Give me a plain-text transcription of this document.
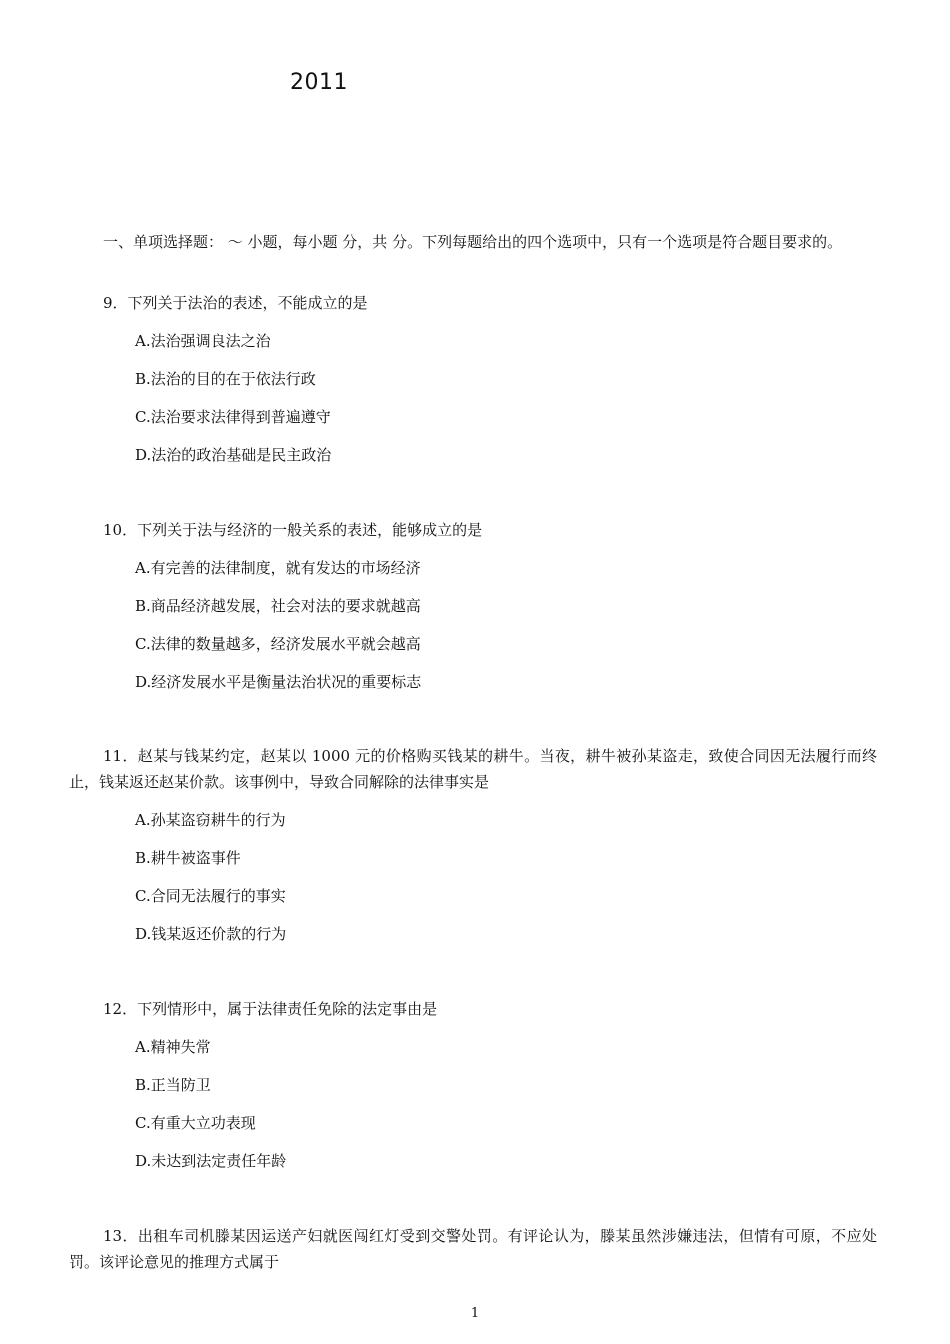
2011
一、单项选择题： ～ 小题，每小题 分，共 分。下列每题给出的四个选项中，只有一个选项是符合题目要求的。
9．下列关于法治的表述，不能成立的是
A.法治强调良法之治
B.法治的目的在于依法行政
C.法治要求法律得到普遍遵守
D.法治的政治基础是民主政治
10．下列关于法与经济的一般关系的表述，能够成立的是
A.有完善的法律制度，就有发达的市场经济
B.商品经济越发展，社会对法的要求就越高
C.法律的数量越多，经济发展水平就会越高
D.经济发展水平是衡量法治状况的重要标志
11．赵某与钱某约定，赵某以 1000 元的价格购买钱某的耕牛。当夜，耕牛被孙某盗走，致使合同因无法履行而终止，钱某返还赵某价款。该事例中，导致合同解除的法律事实是
A.孙某盗窃耕牛的行为
B.耕牛被盗事件
C.合同无法履行的事实
D.钱某返还价款的行为
12．下列情形中，属于法律责任免除的法定事由是
A.精神失常
B.正当防卫
C.有重大立功表现
D.未达到法定责任年龄
13．出租车司机滕某因运送产妇就医闯红灯受到交警处罚。有评论认为，滕某虽然涉嫌违法，但情有可原，不应处罚。该评论意见的推理方式属于
1
